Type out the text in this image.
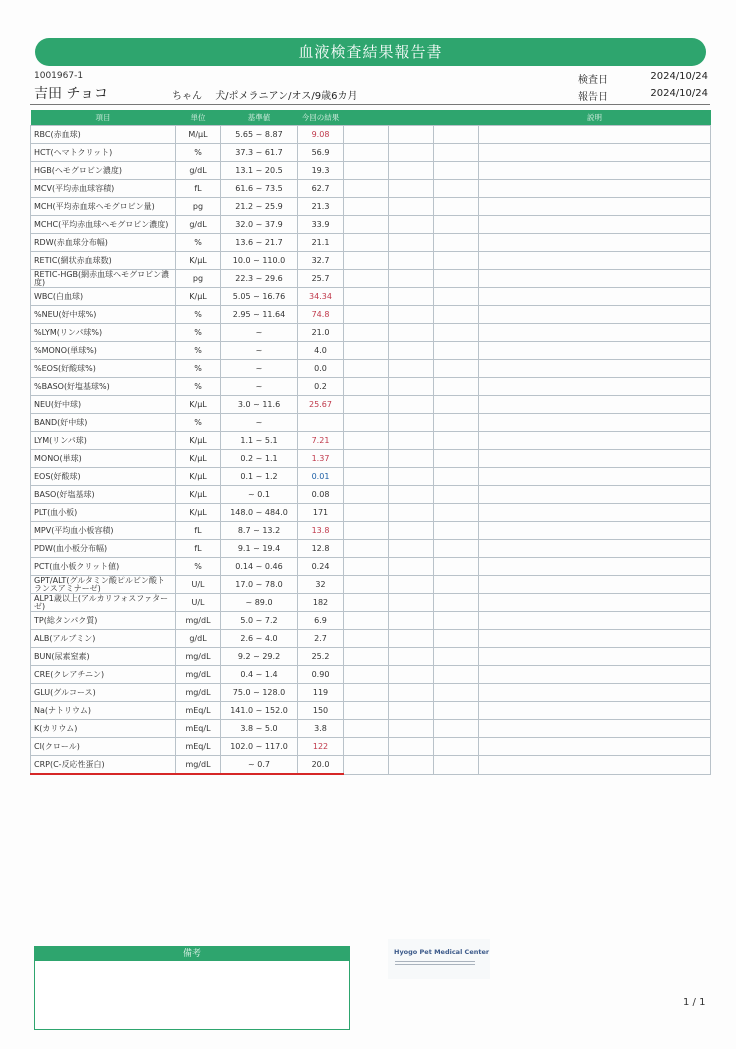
血液検査結果報告書
1001967-1
吉田 チョコ	ちゃん 犬/ポメラニアン/オス/9歳6カ月
検査日	2024/10/24
報告日	2024/10/24
項目	単位	基準値	今回の結果				説明
RBC(赤血球)	M/μL	5.65 ~ 8.87	9.08				
HCT(ヘマトクリット)	%	37.3 ~ 61.7	56.9				
HGB(ヘモグロビン濃度)	g/dL	13.1 ~ 20.5	19.3				
MCV(平均赤血球容積)	fL	61.6 ~ 73.5	62.7				
MCH(平均赤血球ヘモグロビン量)	pg	21.2 ~ 25.9	21.3				
MCHC(平均赤血球ヘモグロビン濃度)	g/dL	32.0 ~ 37.9	33.9				
RDW(赤血球分布幅)	%	13.6 ~ 21.7	21.1				
RETIC(網状赤血球数)	K/μL	10.0 ~ 110.0	32.7				
RETIC-HGB(網赤血球ヘモグロビン濃度)	pg	22.3 ~ 29.6	25.7				
WBC(白血球)	K/μL	5.05 ~ 16.76	34.34				
%NEU(好中球%)	%	2.95 ~ 11.64	74.8				
%LYM(リンパ球%)	%	~	21.0				
%MONO(単球%)	%	~	4.0				
%EOS(好酸球%)	%	~	0.0				
%BASO(好塩基球%)	%	~	0.2				
NEU(好中球)	K/μL	3.0 ~ 11.6	25.67				
BAND(好中球)	%	~					
LYM(リンパ球)	K/μL	1.1 ~ 5.1	7.21				
MONO(単球)	K/μL	0.2 ~ 1.1	1.37				
EOS(好酸球)	K/μL	0.1 ~ 1.2	0.01				
BASO(好塩基球)	K/μL	~ 0.1	0.08				
PLT(血小板)	K/μL	148.0 ~ 484.0	171				
MPV(平均血小板容積)	fL	8.7 ~ 13.2	13.8				
PDW(血小板分布幅)	fL	9.1 ~ 19.4	12.8				
PCT(血小板クリット値)	%	0.14 ~ 0.46	0.24				
GPT/ALT(グルタミン酸ピルビン酸トランスアミナーゼ)	U/L	17.0 ~ 78.0	32				
ALP1歳以上(アルカリフォスファターゼ)	U/L	~ 89.0	182				
TP(総タンパク質)	mg/dL	5.0 ~ 7.2	6.9				
ALB(アルブミン)	g/dL	2.6 ~ 4.0	2.7				
BUN(尿素窒素)	mg/dL	9.2 ~ 29.2	25.2				
CRE(クレアチニン)	mg/dL	0.4 ~ 1.4	0.90				
GLU(グルコース)	mg/dL	75.0 ~ 128.0	119				
Na(ナトリウム)	mEq/L	141.0 ~ 152.0	150				
K(カリウム)	mEq/L	3.8 ~ 5.0	3.8				
Cl(クロール)	mEq/L	102.0 ~ 117.0	122				
CRP(C-反応性蛋白)	mg/dL	~ 0.7	20.0				
備考	Hyogo Pet Medical Center
1 / 1
